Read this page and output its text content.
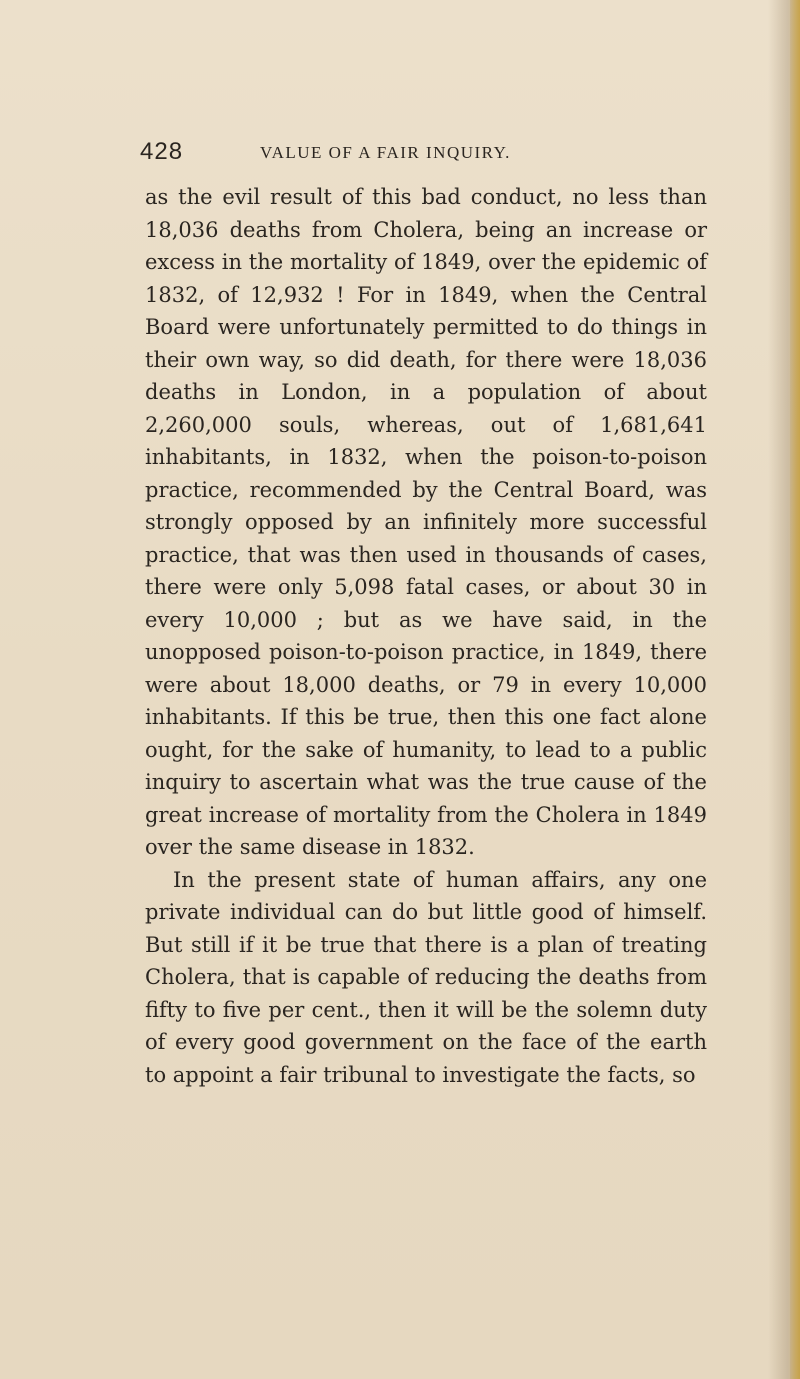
428	VALUE OF A FAIR INQUIRY.

as the evil result of this bad conduct, no less than 18,036 deaths from Cholera, being an increase or excess in the mortality of 1849, over the epidemic of 1832, of 12,932 ! For in 1849, when the Central Board were unfortunately permitted to do things in their own way, so did death, for there were 18,036 deaths in London, in a population of about 2,260,000 souls, whereas, out of 1,681,641 inhabitants, in 1832, when the poison-to-poison practice, recommended by the Central Board, was strongly opposed by an infinitely more successful practice, that was then used in thousands of cases, there were only 5,098 fatal cases, or about 30 in every 10,000 ; but as we have said, in the unopposed poison-to-poison practice, in 1849, there were about 18,000 deaths, or 79 in every 10,000 inhabitants. If this be true, then this one fact alone ought, for the sake of humanity, to lead to a public inquiry to ascertain what was the true cause of the great increase of mortality from the Cholera in 1849 over the same disease in 1832.

In the present state of human affairs, any one private individual can do but little good of himself. But still if it be true that there is a plan of treating Cholera, that is capable of reducing the deaths from fifty to five per cent., then it will be the solemn duty of every good government on the face of the earth to appoint a fair tribunal to investigate the facts, so
